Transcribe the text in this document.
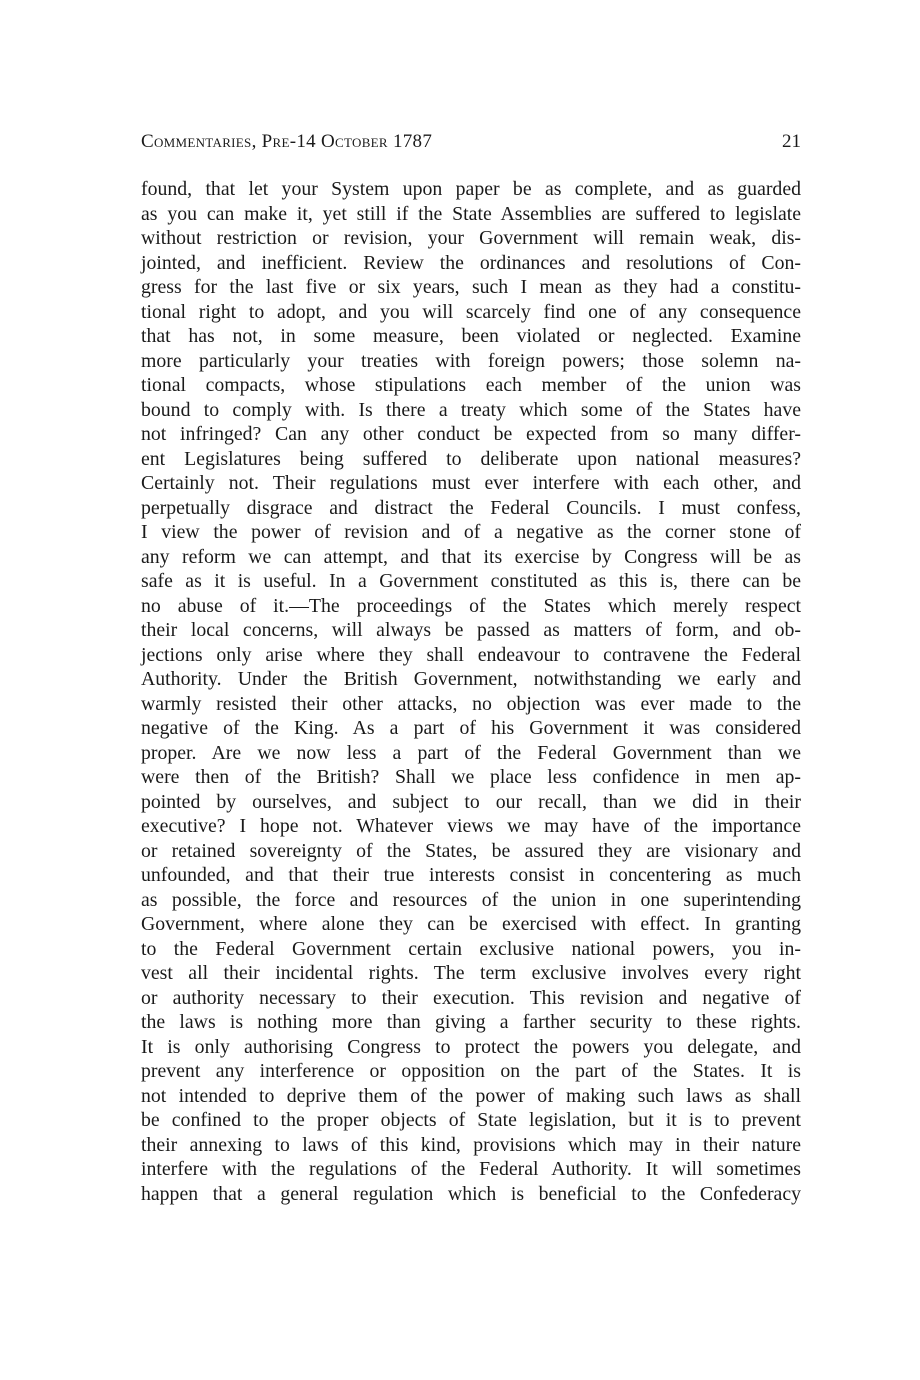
Commentaries, Pre-14 October 1787	21
found, that let your System upon paper be as complete, and as guarded
as you can make it, yet still if the State Assemblies are suffered to legislate
without restriction or revision, your Government will remain weak, dis-
jointed, and inefficient. Review the ordinances and resolutions of Con-
gress for the last five or six years, such I mean as they had a constitu-
tional right to adopt, and you will scarcely find one of any consequence
that has not, in some measure, been violated or neglected. Examine
more particularly your treaties with foreign powers; those solemn na-
tional compacts, whose stipulations each member of the union was
bound to comply with. Is there a treaty which some of the States have
not infringed? Can any other conduct be expected from so many differ-
ent Legislatures being suffered to deliberate upon national measures?
Certainly not. Their regulations must ever interfere with each other, and
perpetually disgrace and distract the Federal Councils. I must confess,
I view the power of revision and of a negative as the corner stone of
any reform we can attempt, and that its exercise by Congress will be as
safe as it is useful. In a Government constituted as this is, there can be
no abuse of it.—The proceedings of the States which merely respect
their local concerns, will always be passed as matters of form, and ob-
jections only arise where they shall endeavour to contravene the Federal
Authority. Under the British Government, notwithstanding we early and
warmly resisted their other attacks, no objection was ever made to the
negative of the King. As a part of his Government it was considered
proper. Are we now less a part of the Federal Government than we
were then of the British? Shall we place less confidence in men ap-
pointed by ourselves, and subject to our recall, than we did in their
executive? I hope not. Whatever views we may have of the importance
or retained sovereignty of the States, be assured they are visionary and
unfounded, and that their true interests consist in concentering as much
as possible, the force and resources of the union in one superintending
Government, where alone they can be exercised with effect. In granting
to the Federal Government certain exclusive national powers, you in-
vest all their incidental rights. The term exclusive involves every right
or authority necessary to their execution. This revision and negative of
the laws is nothing more than giving a farther security to these rights.
It is only authorising Congress to protect the powers you delegate, and
prevent any interference or opposition on the part of the States. It is
not intended to deprive them of the power of making such laws as shall
be confined to the proper objects of State legislation, but it is to prevent
their annexing to laws of this kind, provisions which may in their nature
interfere with the regulations of the Federal Authority. It will sometimes
happen that a general regulation which is beneficial to the Confederacy
